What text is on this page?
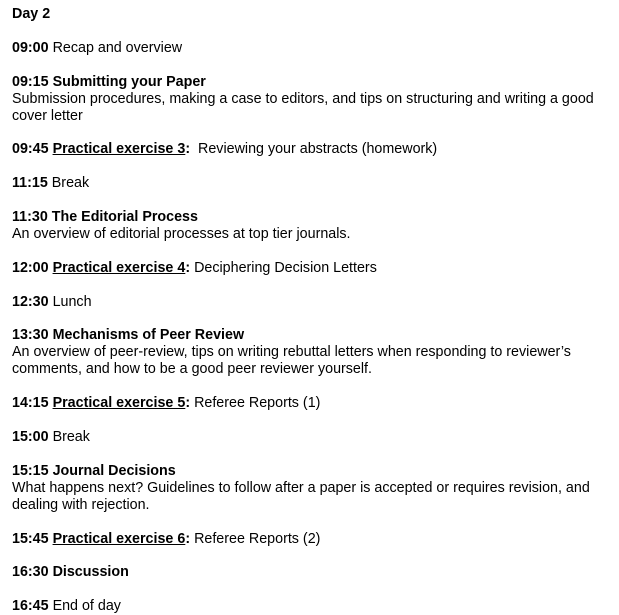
Day 2
09:00 Recap and overview
09:15 Submitting your Paper
Submission procedures, making a case to editors, and tips on structuring and writing a good cover letter
09:45 Practical exercise 3: Reviewing your abstracts (homework)
11:15 Break
11:30 The Editorial Process
An overview of editorial processes at top tier journals.
12:00 Practical exercise 4: Deciphering Decision Letters
12:30 Lunch
13:30 Mechanisms of Peer Review
An overview of peer-review, tips on writing rebuttal letters when responding to reviewer’s comments, and how to be a good peer reviewer yourself.
14:15 Practical exercise 5: Referee Reports (1)
15:00 Break
15:15 Journal Decisions
What happens next? Guidelines to follow after a paper is accepted or requires revision, and dealing with rejection.
15:45 Practical exercise 6: Referee Reports (2)
16:30 Discussion
16:45 End of day
